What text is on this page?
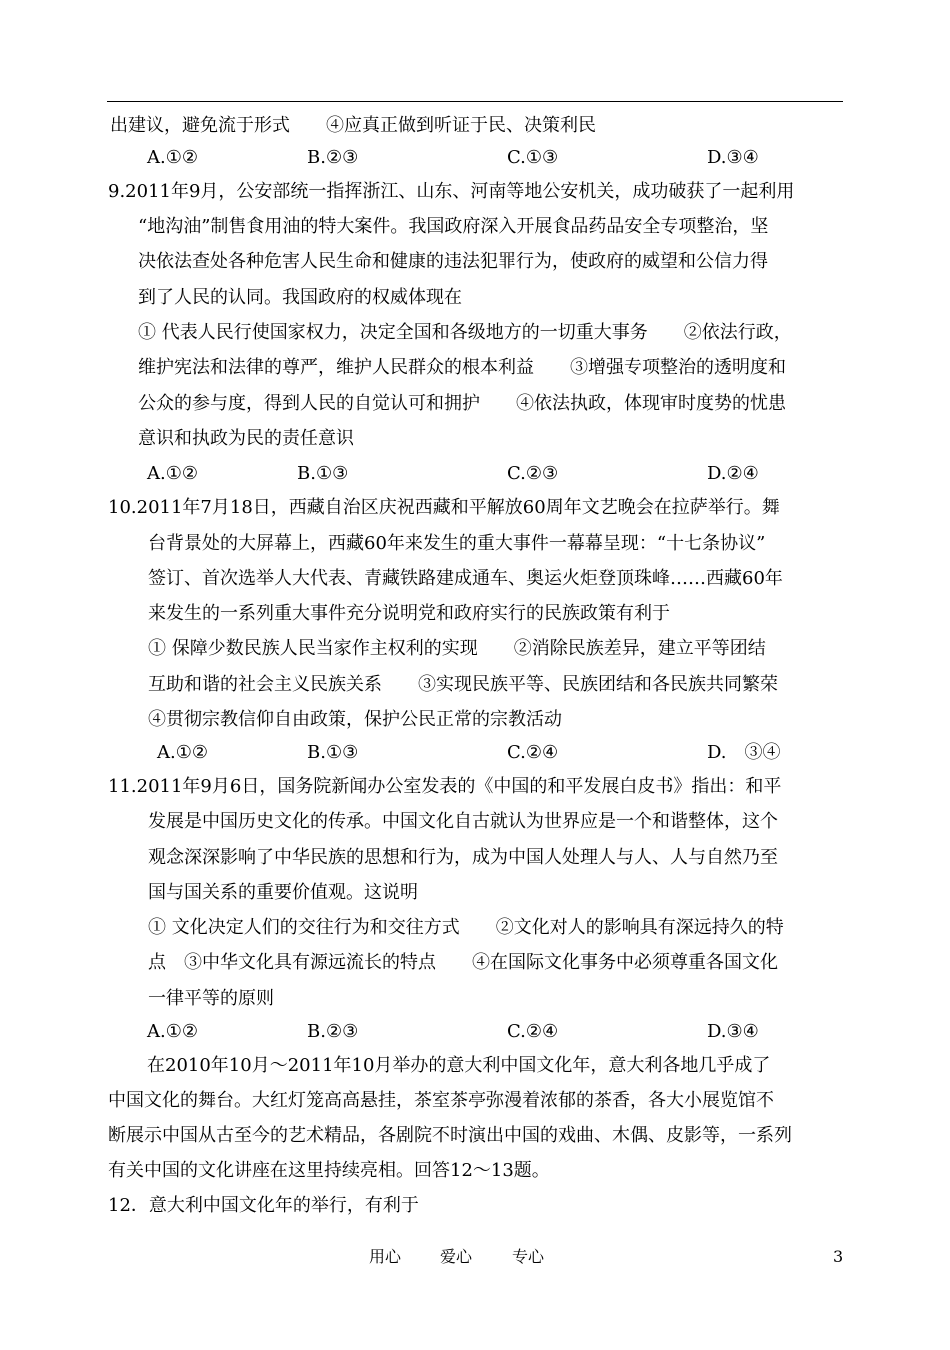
出建议，避免流于形式　　④应真正做到听证于民、决策利民
A.①②	B.②③	C.①③	D.③④
9.2011年9月，公安部统一指挥浙江、山东、河南等地公安机关，成功破获了一起利用
“地沟油”制售食用油的特大案件。我国政府深入开展食品药品安全专项整治，坚
决依法查处各种危害人民生命和健康的违法犯罪行为，使政府的威望和公信力得
到了人民的认同。我国政府的权威体现在
① 代表人民行使国家权力，决定全国和各级地方的一切重大事务　　②依法行政，
维护宪法和法律的尊严，维护人民群众的根本利益　　③增强专项整治的透明度和
公众的参与度，得到人民的自觉认可和拥护　　④依法执政，体现审时度势的忧患
意识和执政为民的责任意识
A.①②	B.①③	C.②③	D.②④
10.2011年7月18日，西藏自治区庆祝西藏和平解放60周年文艺晚会在拉萨举行。舞
台背景处的大屏幕上，西藏60年来发生的重大事件一幕幕呈现：“十七条协议”
签订、首次选举人大代表、青藏铁路建成通车、奥运火炬登顶珠峰……西藏60年
来发生的一系列重大事件充分说明党和政府实行的民族政策有利于
① 保障少数民族人民当家作主权利的实现　　②消除民族差异，建立平等团结
互助和谐的社会主义民族关系　　③实现民族平等、民族团结和各民族共同繁荣
④贯彻宗教信仰自由政策，保护公民正常的宗教活动
A.①②	B.①③	C.②④	D.　③④
11.2011年9月6日，国务院新闻办公室发表的《中国的和平发展白皮书》指出：和平
发展是中国历史文化的传承。中国文化自古就认为世界应是一个和谐整体，这个
观念深深影响了中华民族的思想和行为，成为中国人处理人与人、人与自然乃至
国与国关系的重要价值观。这说明
① 文化决定人们的交往行为和交往方式　　②文化对人的影响具有深远持久的特
点　③中华文化具有源远流长的特点　　④在国际文化事务中必须尊重各国文化
一律平等的原则
A.①②	B.②③	C.②④	D.③④
在2010年10月～2011年10月举办的意大利中国文化年，意大利各地几乎成了
中国文化的舞台。大红灯笼高高悬挂，茶室茶亭弥漫着浓郁的茶香，各大小展览馆不
断展示中国从古至今的艺术精品，各剧院不时演出中国的戏曲、木偶、皮影等，一系列
有关中国的文化讲座在这里持续亮相。回答12～13题。
12．意大利中国文化年的举行，有利于
用心 爱心 专心	3
